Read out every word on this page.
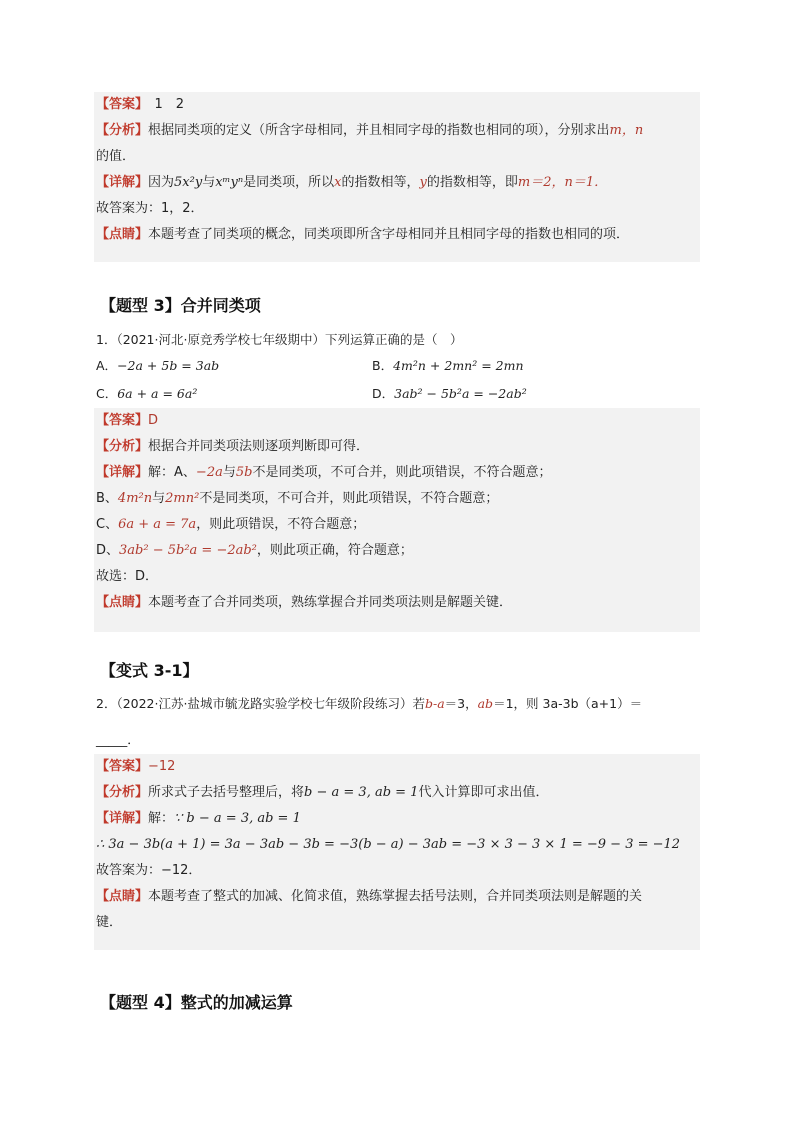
【答案】　1　2
【分析】根据同类项的定义（所含字母相同，并且相同字母的指数也相同的项），分别求出m，n
的值．
【详解】因为5x²y与xᵐyⁿ是同类项，所以x的指数相等，y的指数相等，即m＝2，n＝1．
故答案为：1，2．
【点睛】本题考查了同类项的概念，同类项即所含字母相同并且相同字母的指数也相同的项．
【题型 3】合并同类项
1．（2021·河北·原竞秀学校七年级期中）下列运算正确的是（　）
A．−2a + 5b = 3ab	B．4m²n + 2mn² = 2mn
C．6a + a = 6a²	D．3ab² − 5b²a = −2ab²
【答案】D
【分析】根据合并同类项法则逐项判断即可得．
【详解】解：A、−2a与5b不是同类项，不可合并，则此项错误，不符合题意；
B、4m²n与2mn²不是同类项，不可合并，则此项错误，不符合题意；
C、6a + a = 7a，则此项错误，不符合题意；
D、3ab² − 5b²a = −2ab²，则此项正确，符合题意；
故选：D．
【点睛】本题考查了合并同类项，熟练掌握合并同类项法则是解题关键．
【变式 3-1】
2．（2022·江苏·盐城市毓龙路实验学校七年级阶段练习）若b-a＝3，ab＝1，则 3a-3b（a+1）＝
_____．
【答案】−12
【分析】所求式子去括号整理后，将b − a = 3, ab = 1代入计算即可求出值．
【详解】解：∵ b − a = 3, ab = 1
∴ 3a − 3b(a + 1) = 3a − 3ab − 3b = −3(b − a) − 3ab = −3 × 3 − 3 × 1 = −9 − 3 = −12
故答案为：−12．
【点睛】本题考查了整式的加减、化简求值，熟练掌握去括号法则，合并同类项法则是解题的关
键．
【题型 4】整式的加减运算
